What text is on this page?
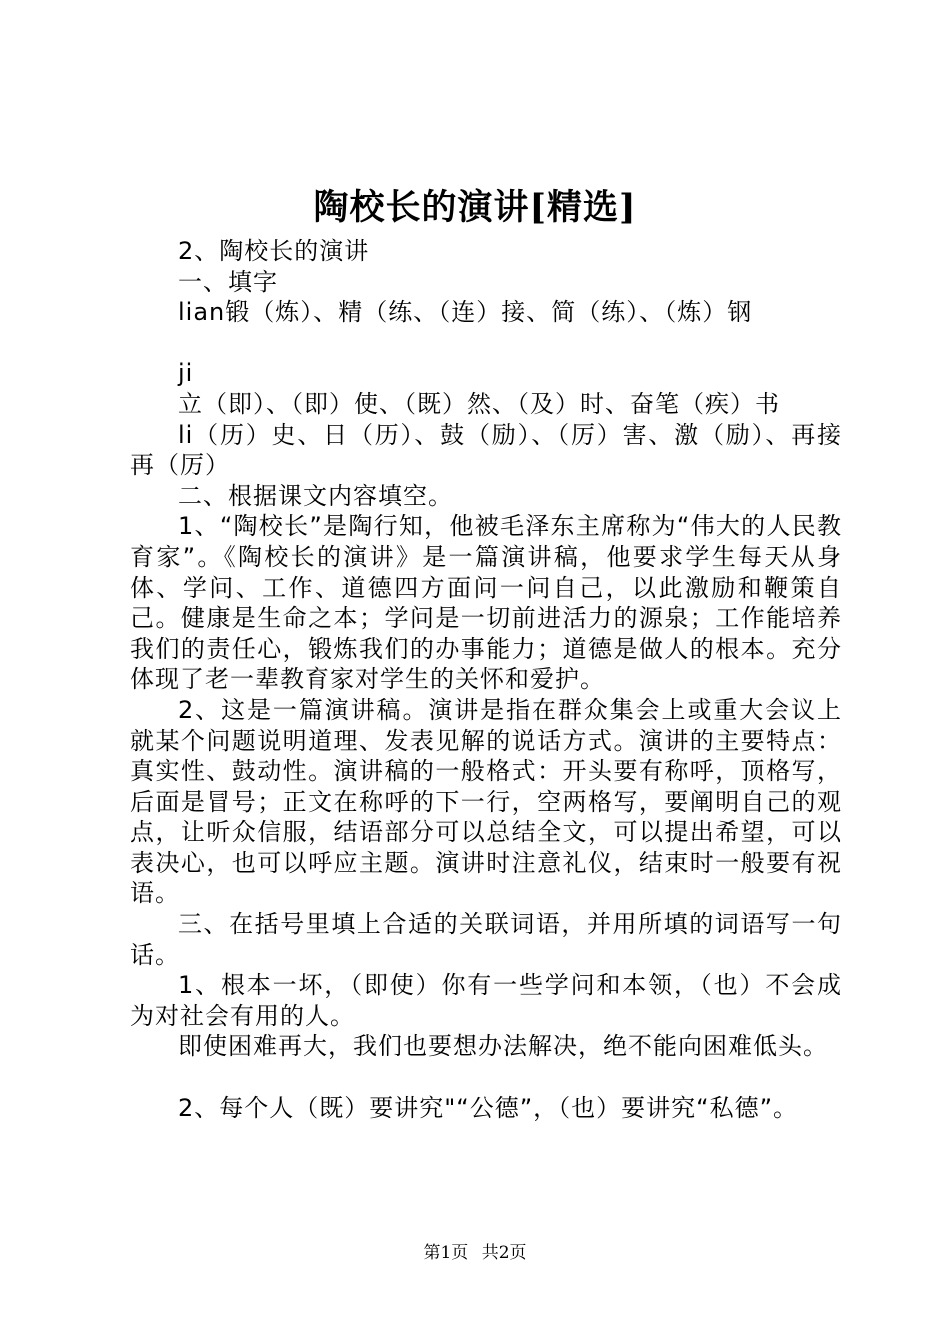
陶校长的演讲[精选]

2、陶校长的演讲

一、填字

lian锻（炼）、精（练、（连）接、简（练）、（炼）钢

ji

立（即）、（即）使、（既）然、（及）时、奋笔（疾）书

li（历）史、日（历）、鼓（励）、（厉）害、激（励）、再接再（厉）

二、根据课文内容填空。

1、“陶校长”是陶行知，他被毛泽东主席称为“伟大的人民教育家”。《陶校长的演讲》是一篇演讲稿，他要求学生每天从身体、学问、工作、道德四方面问一问自己，以此激励和鞭策自己。健康是生命之本；学问是一切前进活力的源泉；工作能培养我们的责任心，锻炼我们的办事能力；道德是做人的根本。充分体现了老一辈教育家对学生的关怀和爱护。

2、这是一篇演讲稿。演讲是指在群众集会上或重大会议上就某个问题说明道理、发表见解的说话方式。演讲的主要特点：真实性、鼓动性。演讲稿的一般格式：开头要有称呼，顶格写，后面是冒号；正文在称呼的下一行，空两格写，要阐明自己的观点，让听众信服，结语部分可以总结全文，可以提出希望，可以表决心，也可以呼应主题。演讲时注意礼仪，结束时一般要有祝语。

三、在括号里填上合适的关联词语，并用所填的词语写一句话。

1、根本一坏，（即使）你有一些学问和本领，（也）不会成为对社会有用的人。

即使困难再大，我们也要想办法解决，绝不能向困难低头。

2、每个人（既）要讲究"“公德”，（也）要讲究“私德”。

第1页 共2页
